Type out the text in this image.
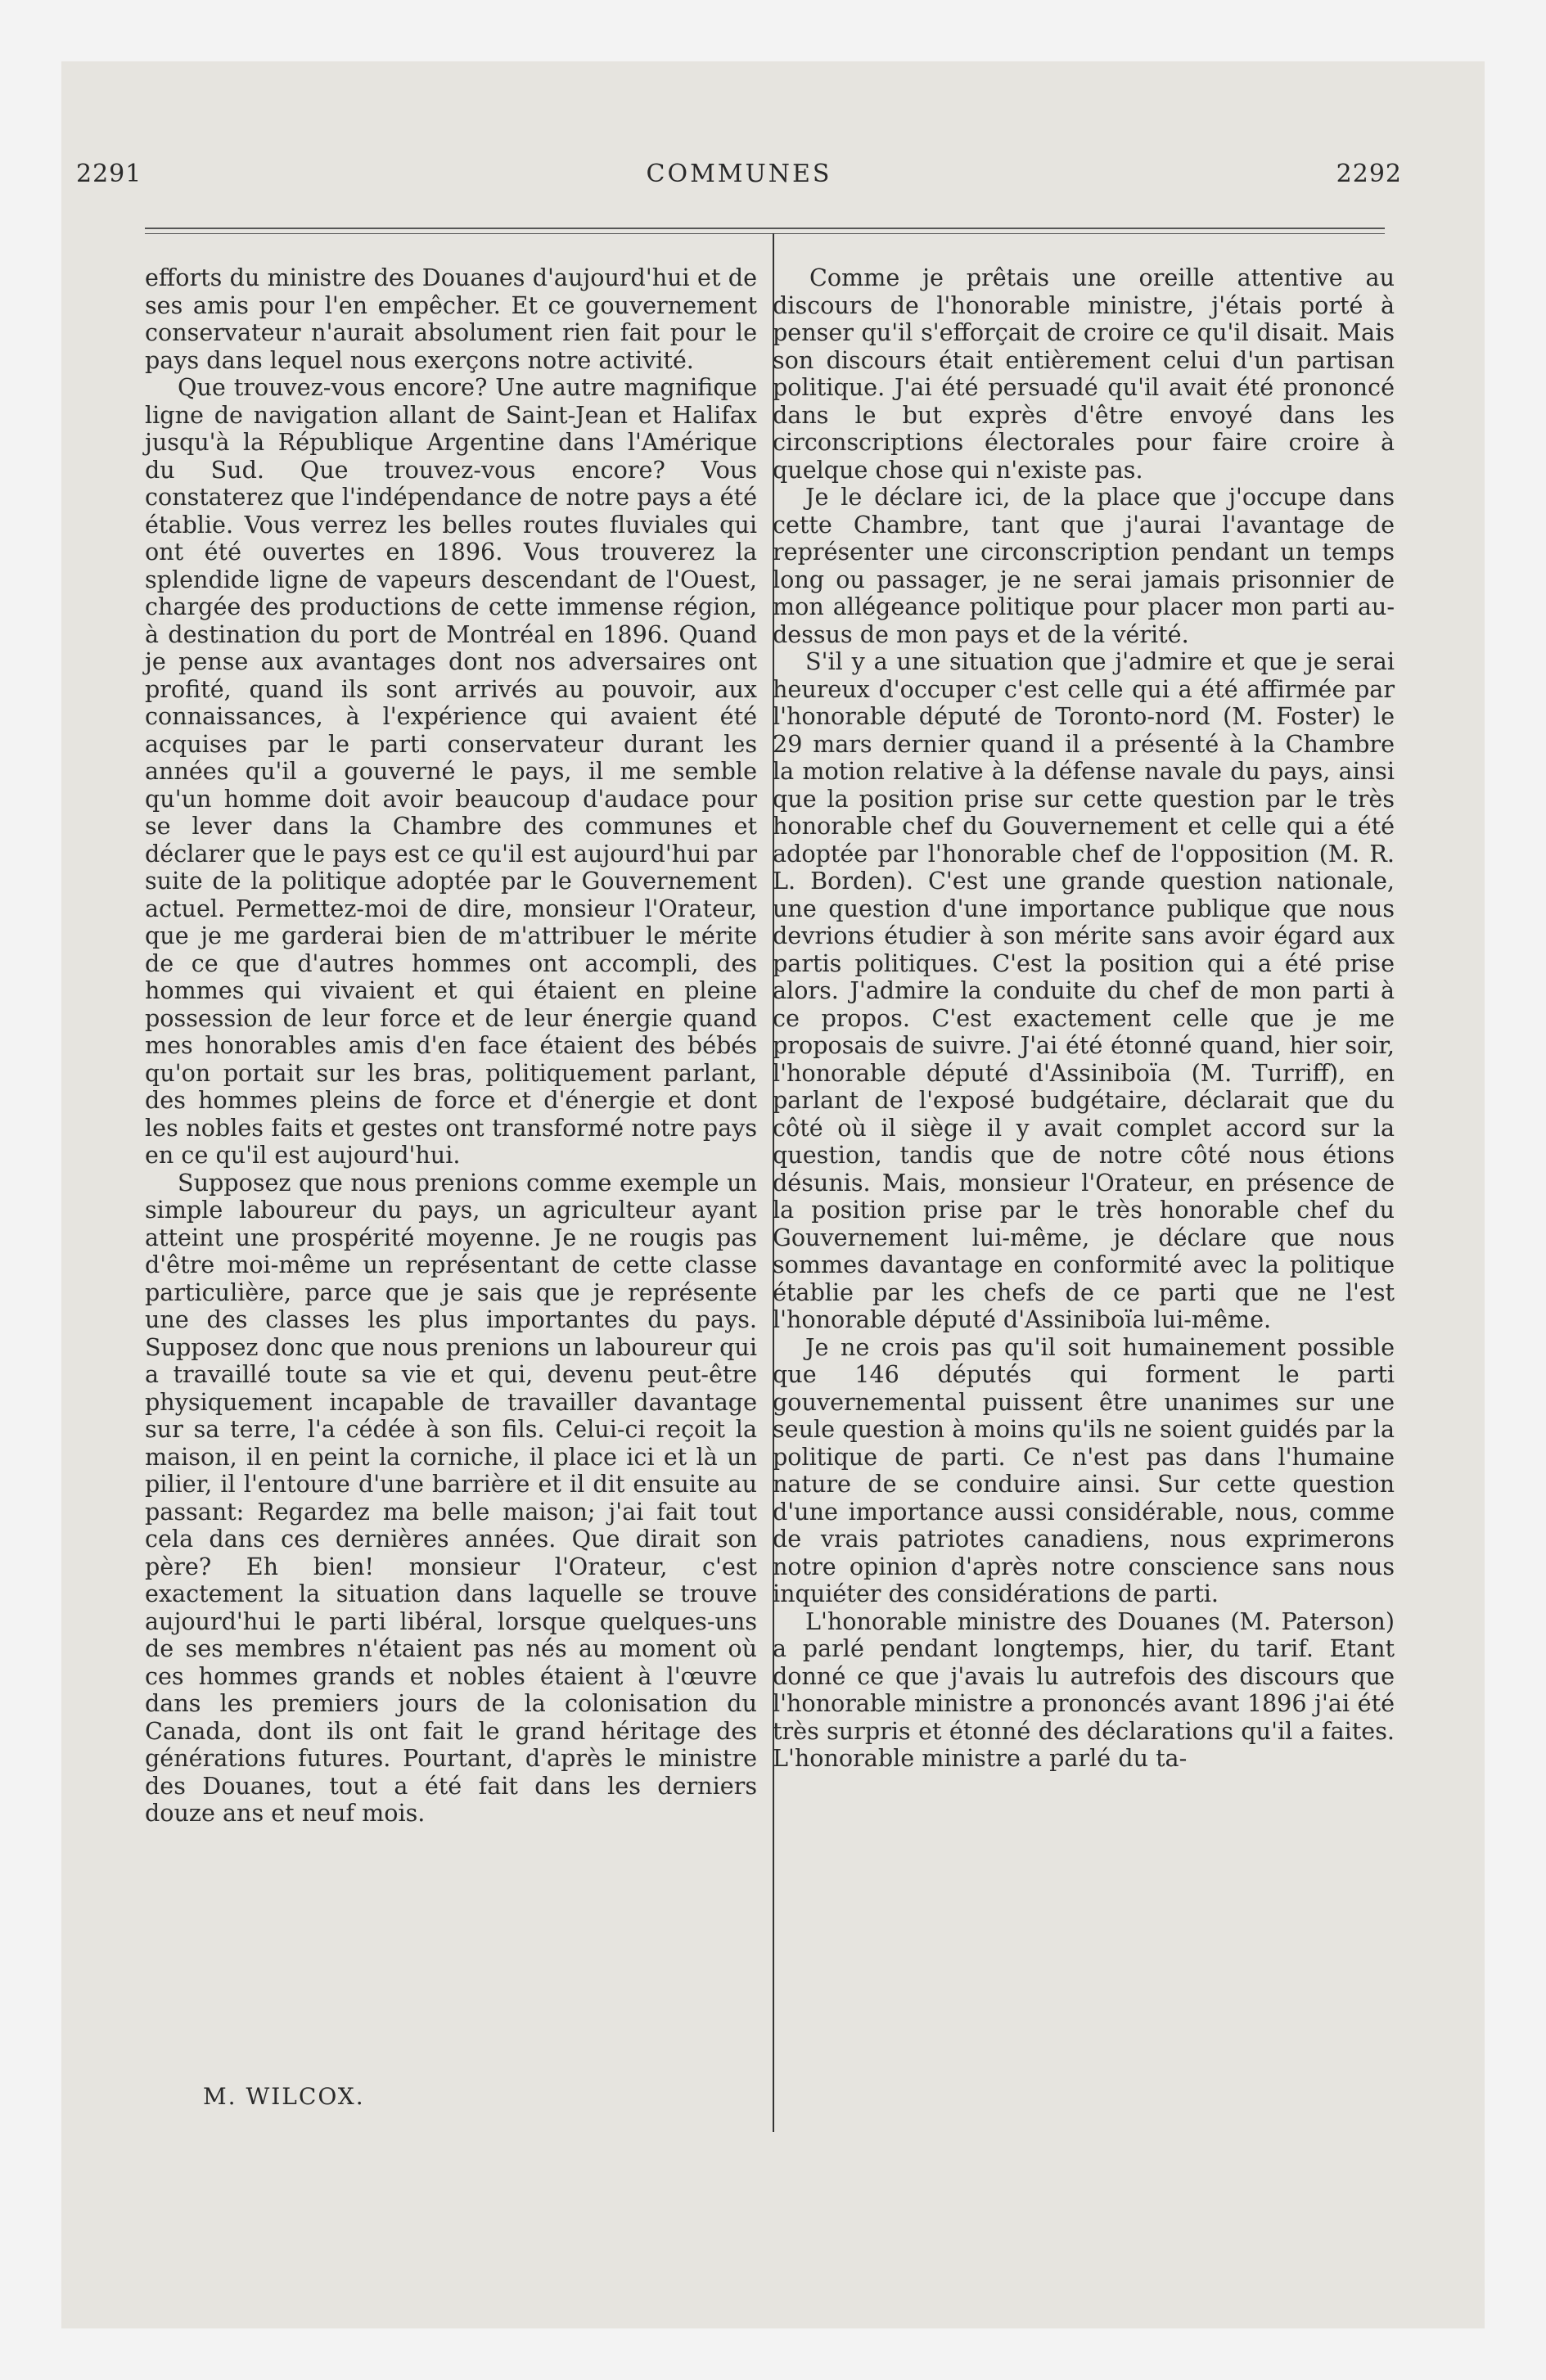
2291	COMMUNES	2292

efforts du ministre des Douanes d'aujourd'hui et de ses amis pour l'en empêcher. Et ce gouvernement conservateur n'aurait absolument rien fait pour le pays dans lequel nous exerçons notre activité.

Que trouvez-vous encore? Une autre magnifique ligne de navigation allant de Saint-Jean et Halifax jusqu'à la République Argentine dans l'Amérique du Sud. Que trouvez-vous encore? Vous constaterez que l'indépendance de notre pays a été établie. Vous verrez les belles routes fluviales qui ont été ouvertes en 1896. Vous trouverez la splendide ligne de vapeurs descendant de l'Ouest, chargée des productions de cette immense région, à destination du port de Montréal en 1896. Quand je pense aux avantages dont nos adversaires ont profité, quand ils sont arrivés au pouvoir, aux connaissances, à l'expérience qui avaient été acquises par le parti conservateur durant les années qu'il a gouverné le pays, il me semble qu'un homme doit avoir beaucoup d'audace pour se lever dans la Chambre des communes et déclarer que le pays est ce qu'il est aujourd'hui par suite de la politique adoptée par le Gouvernement actuel. Permettez-moi de dire, monsieur l'Orateur, que je me garderai bien de m'attribuer le mérite de ce que d'autres hommes ont accompli, des hommes qui vivaient et qui étaient en pleine possession de leur force et de leur énergie quand mes honorables amis d'en face étaient des bébés qu'on portait sur les bras, politiquement parlant, des hommes pleins de force et d'énergie et dont les nobles faits et gestes ont transformé notre pays en ce qu'il est aujourd'hui.

Supposez que nous prenions comme exemple un simple laboureur du pays, un agriculteur ayant atteint une prospérité moyenne. Je ne rougis pas d'être moi-même un représentant de cette classe particulière, parce que je sais que je représente une des classes les plus importantes du pays. Supposez donc que nous prenions un laboureur qui a travaillé toute sa vie et qui, devenu peut-être physiquement incapable de travailler davantage sur sa terre, l'a cédée à son fils. Celui-ci reçoit la maison, il en peint la corniche, il place ici et là un pilier, il l'entoure d'une barrière et il dit ensuite au passant: Regardez ma belle maison; j'ai fait tout cela dans ces dernières années. Que dirait son père? Eh bien! monsieur l'Orateur, c'est exactement la situation dans laquelle se trouve aujourd'hui le parti libéral, lorsque quelques-uns de ses membres n'étaient pas nés au moment où ces hommes grands et nobles étaient à l'œuvre dans les premiers jours de la colonisation du Canada, dont ils ont fait le grand héritage des générations futures. Pourtant, d'après le ministre des Douanes, tout a été fait dans les derniers douze ans et neuf mois.

M. WILCOX.

Comme je prêtais une oreille attentive au discours de l'honorable ministre, j'étais porté à penser qu'il s'efforçait de croire ce qu'il disait. Mais son discours était entièrement celui d'un partisan politique. J'ai été persuadé qu'il avait été prononcé dans le but exprès d'être envoyé dans les circonscriptions électorales pour faire croire à quelque chose qui n'existe pas.

Je le déclare ici, de la place que j'occupe dans cette Chambre, tant que j'aurai l'avantage de représenter une circonscription pendant un temps long ou passager, je ne serai jamais prisonnier de mon allégeance politique pour placer mon parti au-dessus de mon pays et de la vérité.

S'il y a une situation que j'admire et que je serai heureux d'occuper c'est celle qui a été affirmée par l'honorable député de Toronto-nord (M. Foster) le 29 mars dernier quand il a présenté à la Chambre la motion relative à la défense navale du pays, ainsi que la position prise sur cette question par le très honorable chef du Gouvernement et celle qui a été adoptée par l'honorable chef de l'opposition (M. R. L. Borden). C'est une grande question nationale, une question d'une importance publique que nous devrions étudier à son mérite sans avoir égard aux partis politiques. C'est la position qui a été prise alors. J'admire la conduite du chef de mon parti à ce propos. C'est exactement celle que je me proposais de suivre. J'ai été étonné quand, hier soir, l'honorable député d'Assiniboïa (M. Turriff), en parlant de l'exposé budgétaire, déclarait que du côté où il siège il y avait complet accord sur la question, tandis que de notre côté nous étions désunis. Mais, monsieur l'Orateur, en présence de la position prise par le très honorable chef du Gouvernement lui-même, je déclare que nous sommes davantage en conformité avec la politique établie par les chefs de ce parti que ne l'est l'honorable député d'Assiniboïa lui-même.

Je ne crois pas qu'il soit humainement possible que 146 députés qui forment le parti gouvernemental puissent être unanimes sur une seule question à moins qu'ils ne soient guidés par la politique de parti. Ce n'est pas dans l'humaine nature de se conduire ainsi. Sur cette question d'une importance aussi considérable, nous, comme de vrais patriotes canadiens, nous exprimerons notre opinion d'après notre conscience sans nous inquiéter des considérations de parti.

L'honorable ministre des Douanes (M. Paterson) a parlé pendant longtemps, hier, du tarif. Etant donné ce que j'avais lu autrefois des discours que l'honorable ministre a prononcés avant 1896 j'ai été très surpris et étonné des déclarations qu'il a faites. L'honorable ministre a parlé du ta-
